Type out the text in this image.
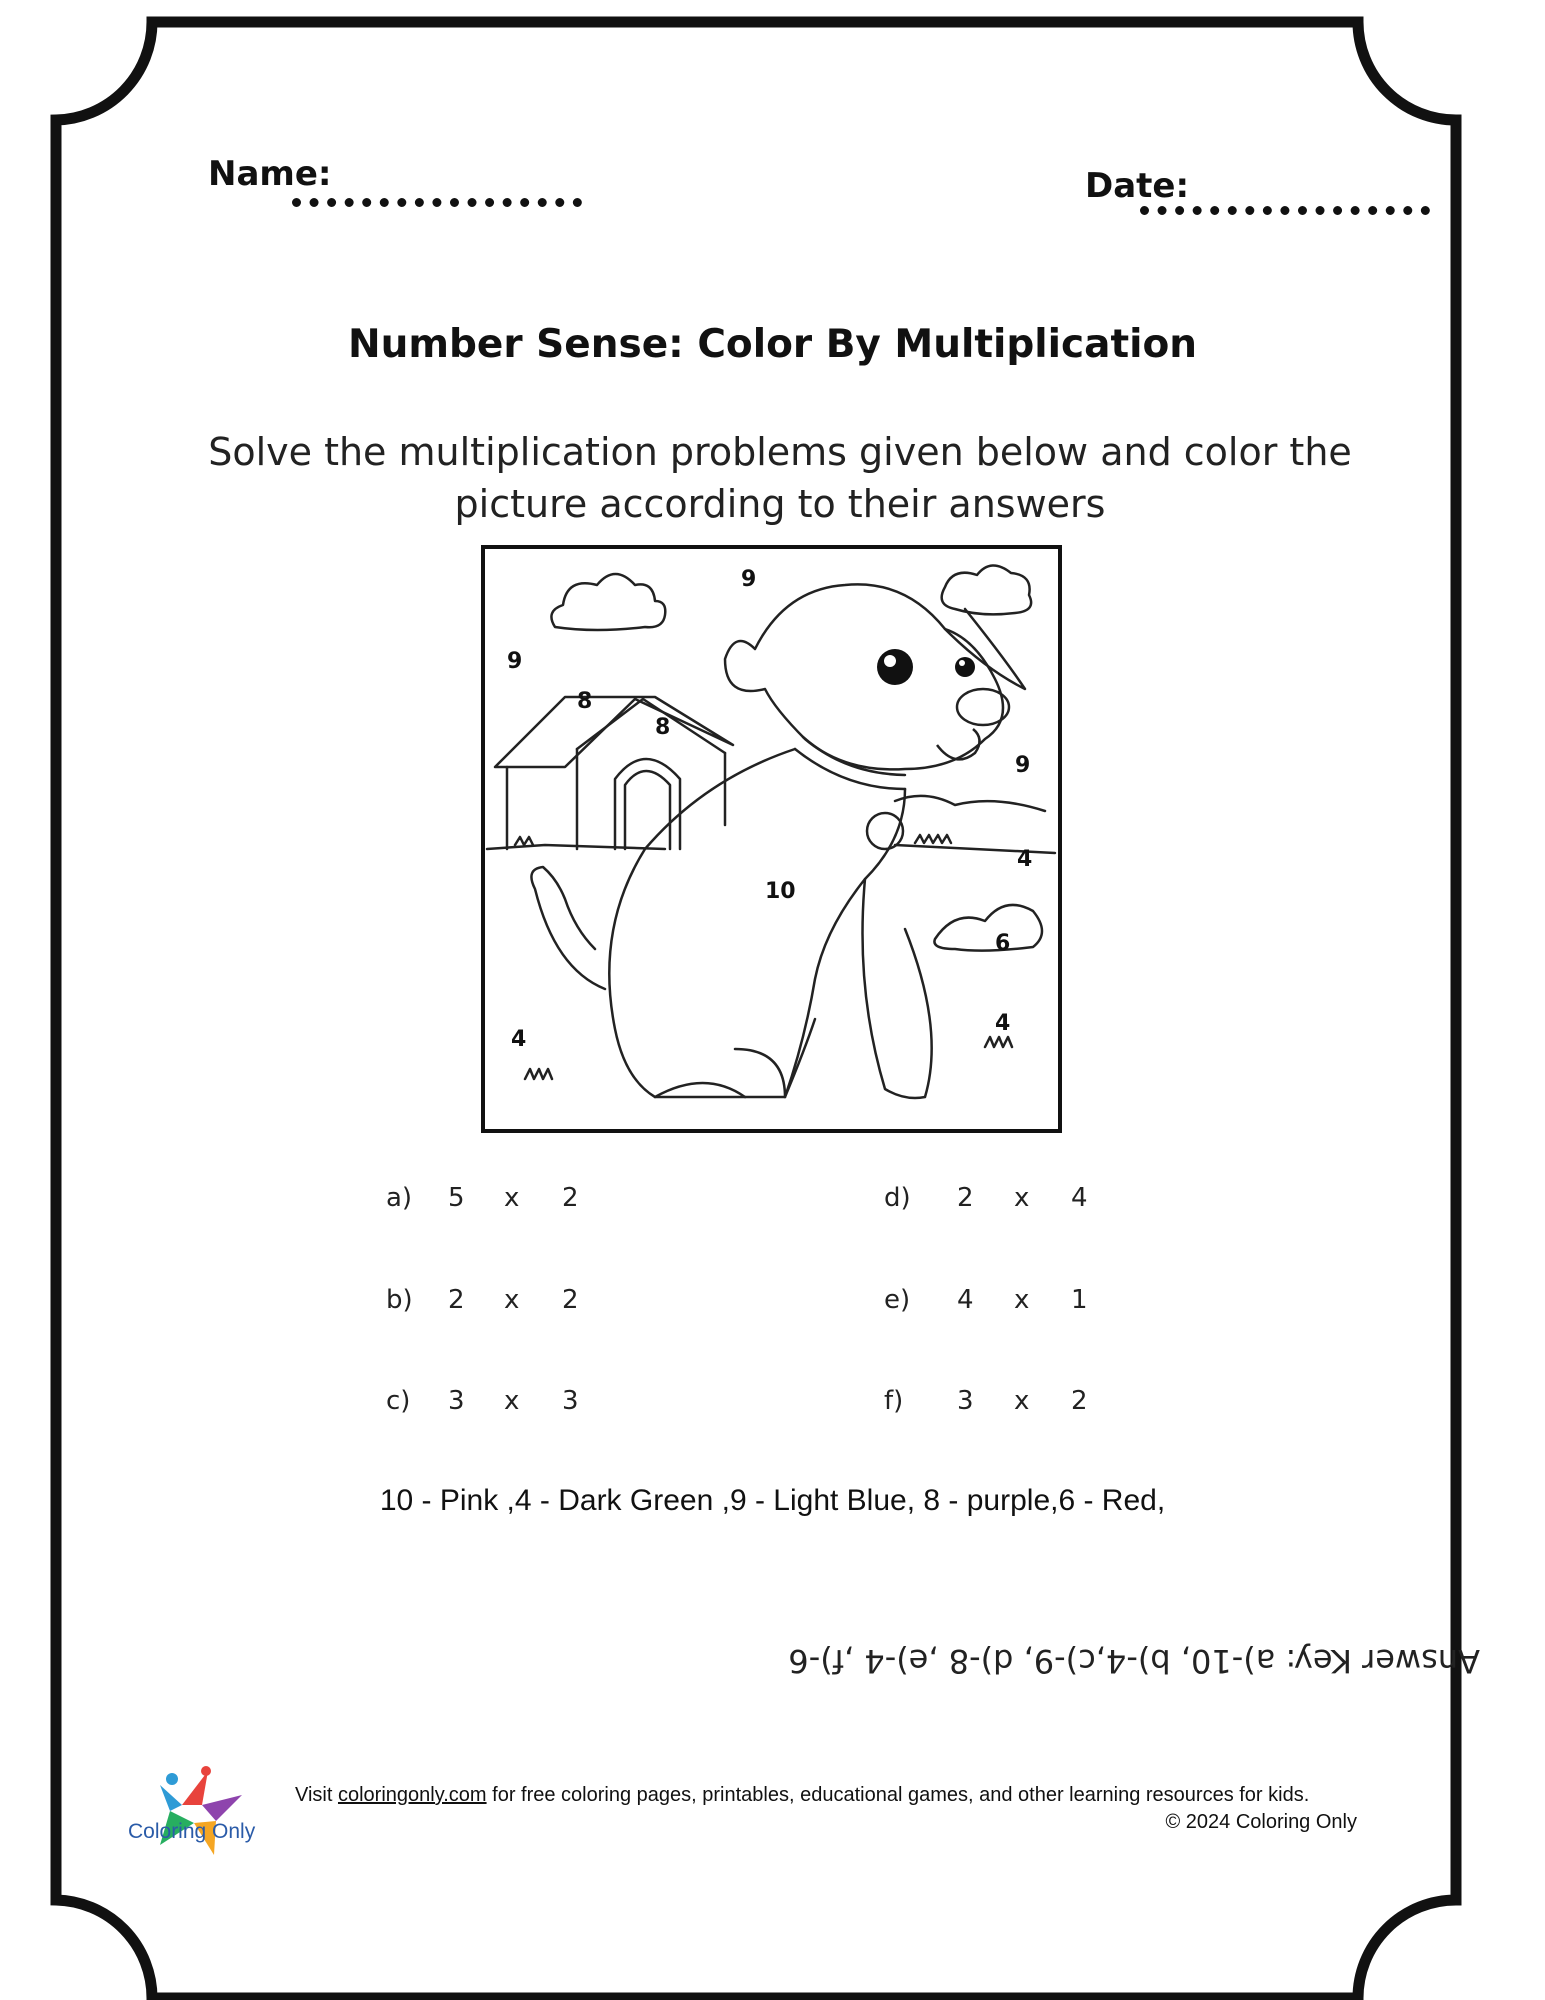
Name:	Date:
Number Sense: Color By Multiplication
Solve the multiplication problems given below and color the
picture according to their answers
9
9
8
8
9
4
10
6
4
4
a) 5 x 2
b) 2 x 2
c) 3 x 3
d) 2 x 4
e) 4 x 1
f) 3 x 2
10 - Pink ,4 - Dark Green ,9 - Light Blue, 8 - purple,6 - Red,
Answer Key: a)-10, b)-4,c)-9, d)-8 ,e)-4 ,f)-6
Coloring Only
Visit coloringonly.com for free coloring pages, printables, educational games, and other learning resources for kids.
© 2024 Coloring Only
